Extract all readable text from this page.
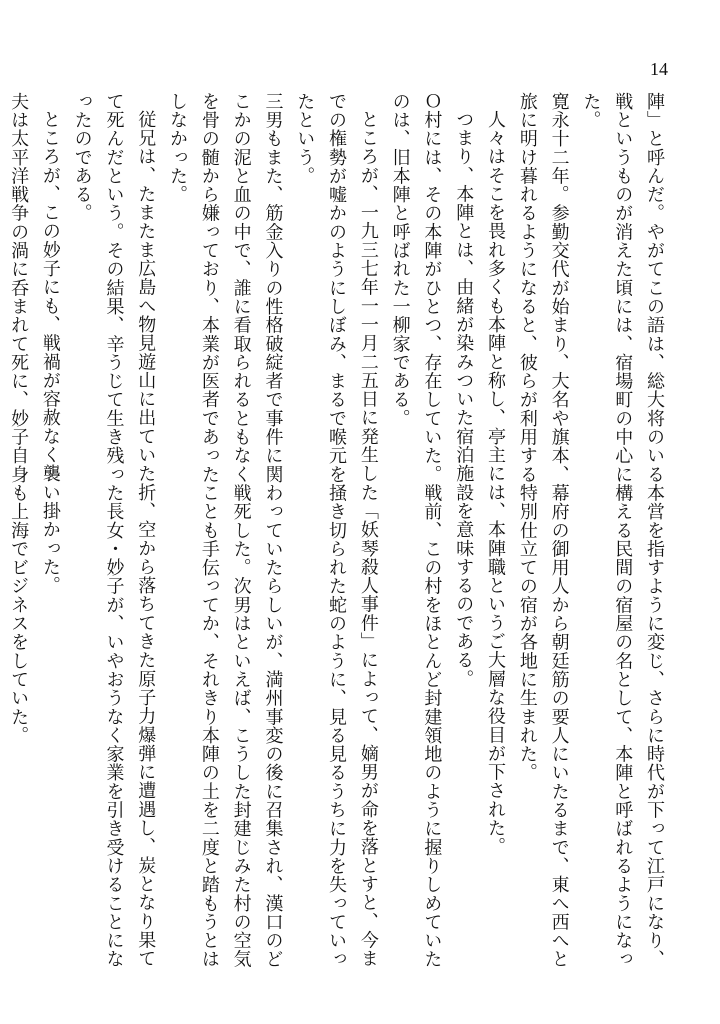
14

陣」と呼んだ。やがてこの語は、総大将のいる本営を指すように変じ、さらに時代が下って江戸になり、戦というものが消えた頃には、宿場町の中心に構える民間の宿屋の名として、本陣と呼ばれるようになった。

寛永十二年。参勤交代が始まり、大名や旗本、幕府の御用人から朝廷筋の要人にいたるまで、東へ西へと旅に明け暮れるようになると、彼らが利用する特別仕立ての宿が各地に生まれた。

人々はそこを畏れ多くも本陣と称し、亭主には、本陣職というご大層な役目が下された。

つまり、本陣とは、由緒が染みついた宿泊施設を意味するのである。

Ｏ村には、その本陣がひとつ、存在していた。戦前、この村をほとんど封建領地のように握りしめていたのは、旧本陣と呼ばれた一柳家である。

ところが、一九三七年一一月二五日に発生した「妖琴殺人事件」によって、嫡男が命を落とすと、今までの権勢が嘘かのようにしぼみ、まるで喉元を掻き切られた蛇のように、見る見るうちに力を失っていったという。

三男もまた、筋金入りの性格破綻者で事件に関わっていたらしいが、満州事変の後に召集され、漢口のどこかの泥と血の中で、誰に看取られるともなく戦死した。次男はといえば、こうした封建じみた村の空気を骨の髄から嫌っており、本業が医者であったことも手伝ってか、それきり本陣の土を二度と踏もうとはしなかった。

従兄は、たまたま広島へ物見遊山に出ていた折、空から落ちてきた原子力爆弾に遭遇し、炭となり果てて死んだという。その結果、辛うじて生き残った長女・妙子が、いやおうなく家業を引き受けることになったのである。

ところが、この妙子にも、戦禍が容赦なく襲い掛かった。

夫は太平洋戦争の渦に呑まれて死に、妙子自身も上海でビジネスをしていた。
